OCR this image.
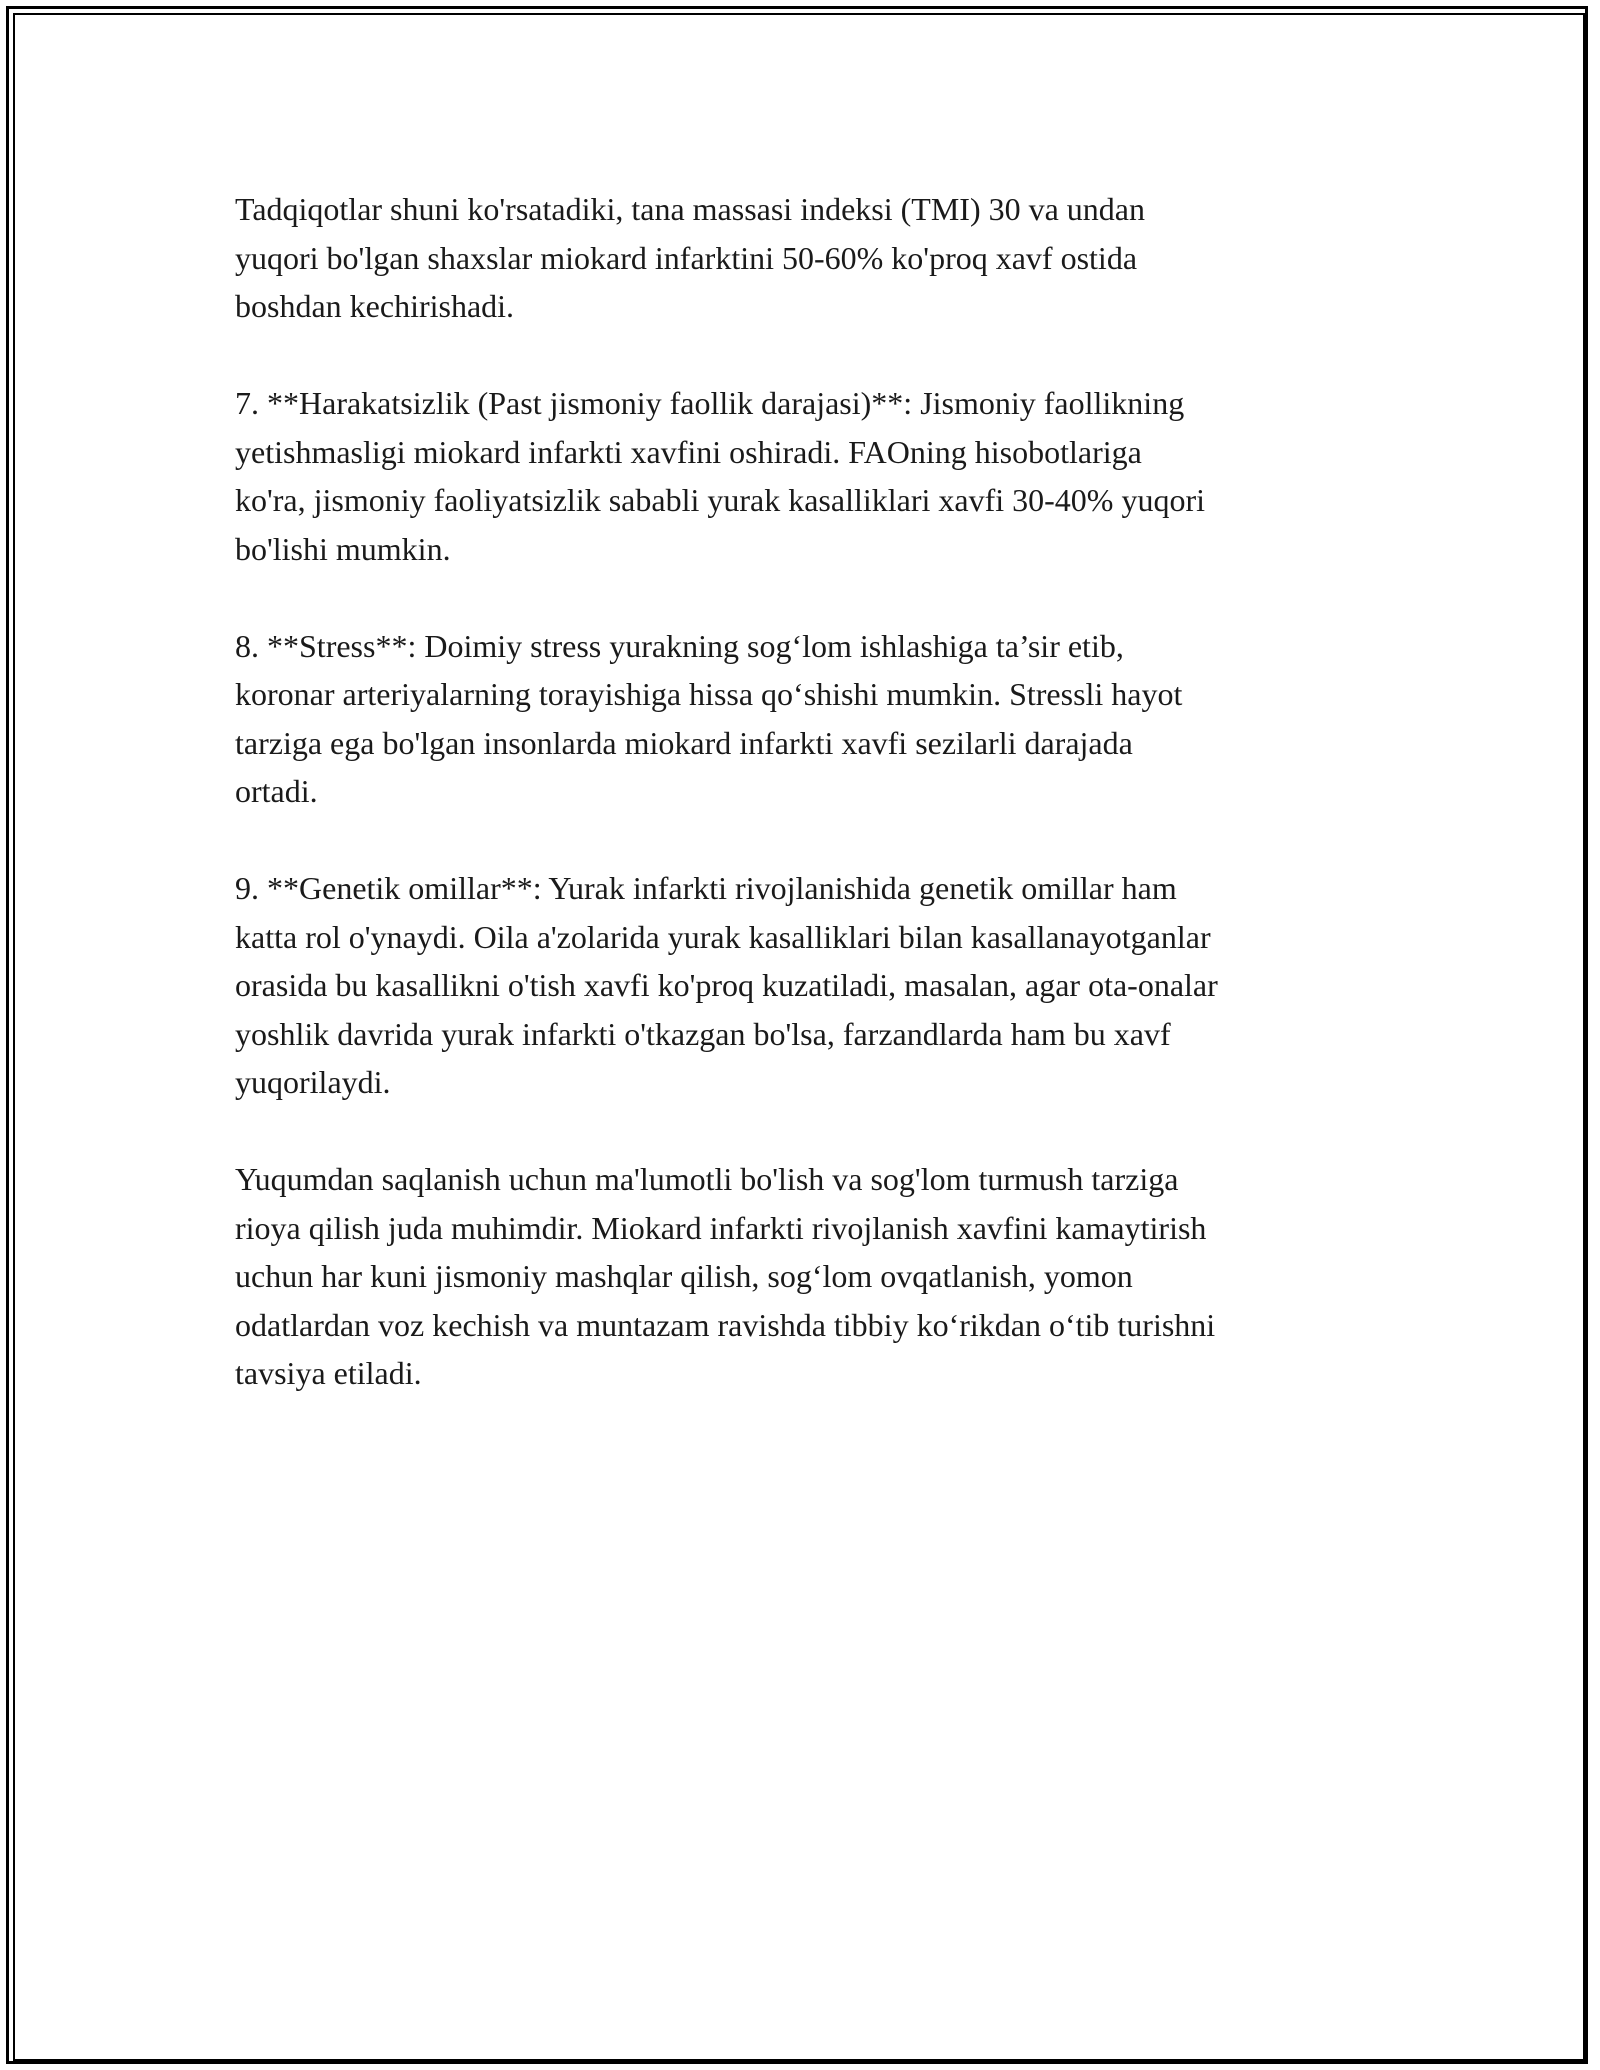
Tadqiqotlar shuni ko'rsatadiki, tana massasi indeksi (TMI) 30 va undan
yuqori bo'lgan shaxslar miokard infarktini 50-60% ko'proq xavf ostida
boshdan kechirishadi.

7. **Harakatsizlik (Past jismoniy faollik darajasi)**: Jismoniy faollikning
yetishmasligi miokard infarkti xavfini oshiradi. FAOning hisobotlariga
ko'ra, jismoniy faoliyatsizlik sababli yurak kasalliklari xavfi 30-40% yuqori
bo'lishi mumkin.

8. **Stress**: Doimiy stress yurakning sog‘lom ishlashiga ta’sir etib,
koronar arteriyalarning torayishiga hissa qo‘shishi mumkin. Stressli hayot
tarziga ega bo'lgan insonlarda miokard infarkti xavfi sezilarli darajada
ortadi.

9. **Genetik omillar**: Yurak infarkti rivojlanishida genetik omillar ham
katta rol o'ynaydi. Oila a'zolarida yurak kasalliklari bilan kasallanayotganlar
orasida bu kasallikni o'tish xavfi ko'proq kuzatiladi, masalan, agar ota-onalar
yoshlik davrida yurak infarkti o'tkazgan bo'lsa, farzandlarda ham bu xavf
yuqorilaydi.

Yuqumdan saqlanish uchun ma'lumotli bo'lish va sog'lom turmush tarziga
rioya qilish juda muhimdir. Miokard infarkti rivojlanish xavfini kamaytirish
uchun har kuni jismoniy mashqlar qilish, sog‘lom ovqatlanish, yomon
odatlardan voz kechish va muntazam ravishda tibbiy ko‘rikdan o‘tib turishni
tavsiya etiladi.
